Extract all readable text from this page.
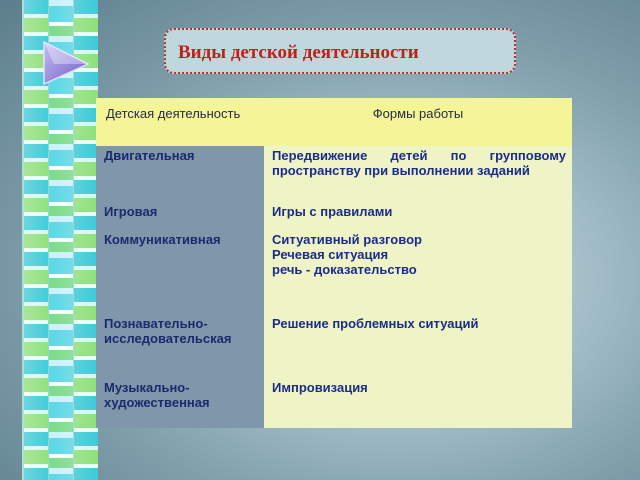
Виды детской деятельности
Детская деятельность	Формы работы
Двигательная	Передвижение детей по групповому пространству при выполнении заданий

Игровая	Игры с правилами

Коммуникативная	Ситуативный разговор
Речевая ситуация
речь - доказательство

Познавательно-исследовательская	Решение проблемных ситуаций

Музыкально-художественная	Импровизация
